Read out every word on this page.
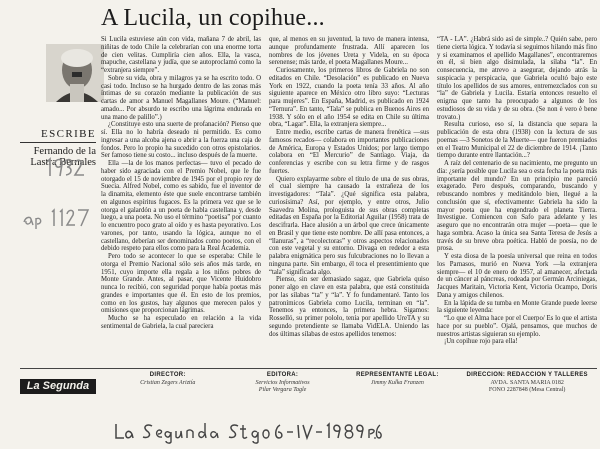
A Lucila, un copihue...
ESCRIBE
Fernando de la Lastra Bernales

Si Lucila estuviese aún con vida, mañana 7 de abril, las niñitas de todo Chile la celebrarían con una enorme torta de cien velitas. Cumpliría cien años. Ella, la vasca, mapuche, castellana y judía, que se autoproclamó como la “extranjera siempre”.

Sobre su vida, obra y milagros ya se ha escrito todo. O casi todo. Incluso se ha hurgado dentro de las zonas más íntimas de su corazón mediante la publicación de sus cartas de amor a Manuel Magallanes Moure. (“Manuel: amado... Por absurdo te escribo una lágrima endurada en una mano de palillo”.)

¿Constituye esto una suerte de profanación? Pienso que sí. Ella no lo habría deseado ni permitido. Es como ingresar a una alcoba ajena o abrir a la fuerza una caja de fondos. Pero lo propio ha sucedido con otros epistolarios. Ser famoso tiene su costo... incluso después de la muerte.

Ella —la de los manos perfectas— tuvo el pecado de haber sido agraciada con el Premio Nobel, que le fue otorgado el 15 de noviembre de 1945 por el propio rey de Suecia. Alfred Nobel, como es sabido, fue el inventor de la dinamita, elemento éste que suele encontrarse también en algunos espíritus fugaces. Es la primera vez que se le otorga el galardón a un poeta de habla castellana y, desde luego, a una poeta. No uso el término “poetisa” por cuanto lo encuentro poco grato al oído y es hasta peyorativo. Los varones, por tanto, usando la lógica, aunque no el castellano, deberían ser denominados como poetos, con el debido respeto para ellos como para la Real Academia.

Pero todo se acontecer lo que se esperaba: Chile le otorga el Premio Nacional sólo seis años más tarde, en 1951, cuyo importe ella regala a los niños pobres de Monte Grande. Antes, al pasar, que Vicente Huidobro nunca lo recibió, con seguridad porque había poetas más grandes e importantes que él. En esto de los premios, como en los gustos, hay algunos que merecen palos y omisiones que proporcionan lágrimas.

Mucho se ha especulado en relación a la vida sentimental de Gabriela, la cual pareciera

que, al menos en su juventud, la tuvo de manera intensa, aunque profundamente frustrada. Allí aparecen los nombres de los jóvenes Ureta y Videla, en su época serenense; más tarde, el poeta Magallanes Moure...

Curiosamente, los primeros libros de Gabriela no son editados en Chile. “Desolación” es publicado en Nueva York en 1922, cuando la poeta tenía 33 años. Al año siguiente aparece en México otro libro suyo: “Lecturas para mujeres”. En España, Madrid, es publicado en 1924 “Ternura”. En tanto, “Tala” se publica en Buenos Aires en 1938. Y sólo en el año 1954 se edita en Chile su última obra, “Lagar”. Ella, la extranjera siempre...

Entre medio, escribe cartas de manera frenética —sus famosos recados— colabora en importantes publicaciones de América, Europa y Estados Unidos; por largo tiempo colabora en “El Mercurio” de Santiago. Viaja, da conferencias y escribe con su letra firme y de rasgos fuertes.

Quiero explayarme sobre el título de una de sus obras, el cual siempre ha causado la extrañeza de los investigadores: “Tala”. ¿Qué significa esta palabra, curiosísima? Así, por ejemplo, y entre otros, Julio Saavedra Molina, prologuista de sus obras completas editadas en España por la Editorial Aguilar (1958) trata de descifrarla. Hace alusión a un árbol que crece únicamente en Brasil y que tiene este nombre. De allí pasa entonces, a “llanuras”, a “recolectoras” y otros aspectos relacionados con este vegetal y su entorno. Divaga en rededor a esta palabra enigmática pero sus fulcubraciones no lo llevan a ninguna parte. Sin embargo, él toca el presentimiento que “tala” significada algo.

Pienso, sin ser demasiado sagaz, que Gabriela quiso poner algo en clave en esta palabra, que está constituida por las sílabas “ta” y “la”. Y fo fundamentaré. Tanto los patronímicos Gabriela como Lucila, terminan en “la”. Tenemos ya entonces, la primera hebra. Sigamos: Rosselló, su primer pololo, tenía por apellido UreTA y su segundo pretendiente se llamaba VidELA. Uniendo las dos últimas sílabas de estos apellidos tenemos:

“TA - LA”. ¿Habrá sido así de simple..? Quién sabe, pero tiene cierta lógica. Y todavía si seguimos hilando más fino y si examinamos el apellido Magallanes”, encontraremos en él, si bien algo disimulada, la sílaba “la”. En consecuencia, me atrevo a asegurar, dejando atrás la suspicacia y perspicacia, que Gabriela ocultó bajo este título los apellidos de sus amores, entremezclados con su “la” de Gabriela y Lucila. Estaría entonces resuelto el enigma que tanto ha preocupado a algunos de los estudiosos de su vida y de su obra. (Se non è vero è bene trovato.)

Resulta curioso, eso sí, la distancia que separa la publicación de esta obra (1938) con la lectura de sus poemas —3 Sonetos de la Muerte— que fueron premiados en el Teatro Municipal el 22 de diciembre de 1914. ¡Tanto tiempo durante entre llantación...?

A raíz del centenario de su nacimiento, me pregunto un día: ¿sería posible que Lucila sea o esta fecha la poeta más importante del mundo? En un principio me pareció exagerado. Pero después, comparando, buscando y rebuscando nombres y meditándolo bien, llegué a la conclusión que sí, efectivamente: Gabriela ha sido la mayor poeta que ha engendrado el planeta Tierra. Investigue. Comiencen con Safo para adelante y les aseguro que no encontrarán otra mujer —poeta— que le haga sombra. Acaso la única sea Santa Teresa de Jesús a través de su breve obra poética. Habló de poesía, no de prosa.

Y esta diosa de la poesía universal que reina en todos los Parnasos, murió en Nueva York —la extranjera siempre— el 10 de enero de 1957, al amanecer, afectada de un cáncer al páncreas, rodeada por Germán Arciniegas, Jacques Maritain, Victoria Kent, Victoria Ocampo, Doris Dana y amigos chilenos.

En la lápida de su tumba en Monte Grande puede leerse la siguiente leyenda:

“Lo que el Alma hace por el Cuerpo/ Es lo que el artista hace por su pueblo”. Ojalá, pensamos, que muchos de nuestros artistas siguieran su ejemplo.

¡Un copihue rojo para ella!

La Segunda
DIRECTOR:
Cristian Zegers Ariztía
EDITORA:
Servicios Informativos
Pilar Vergara Tagle
REPRESENTANTE LEGAL:
Jimmy Kulka Franzen
DIRECCION: REDACCION Y TALLERES
AVDA. SANTA MARIA 0182
FONO 2287848 (Mesa Central)
